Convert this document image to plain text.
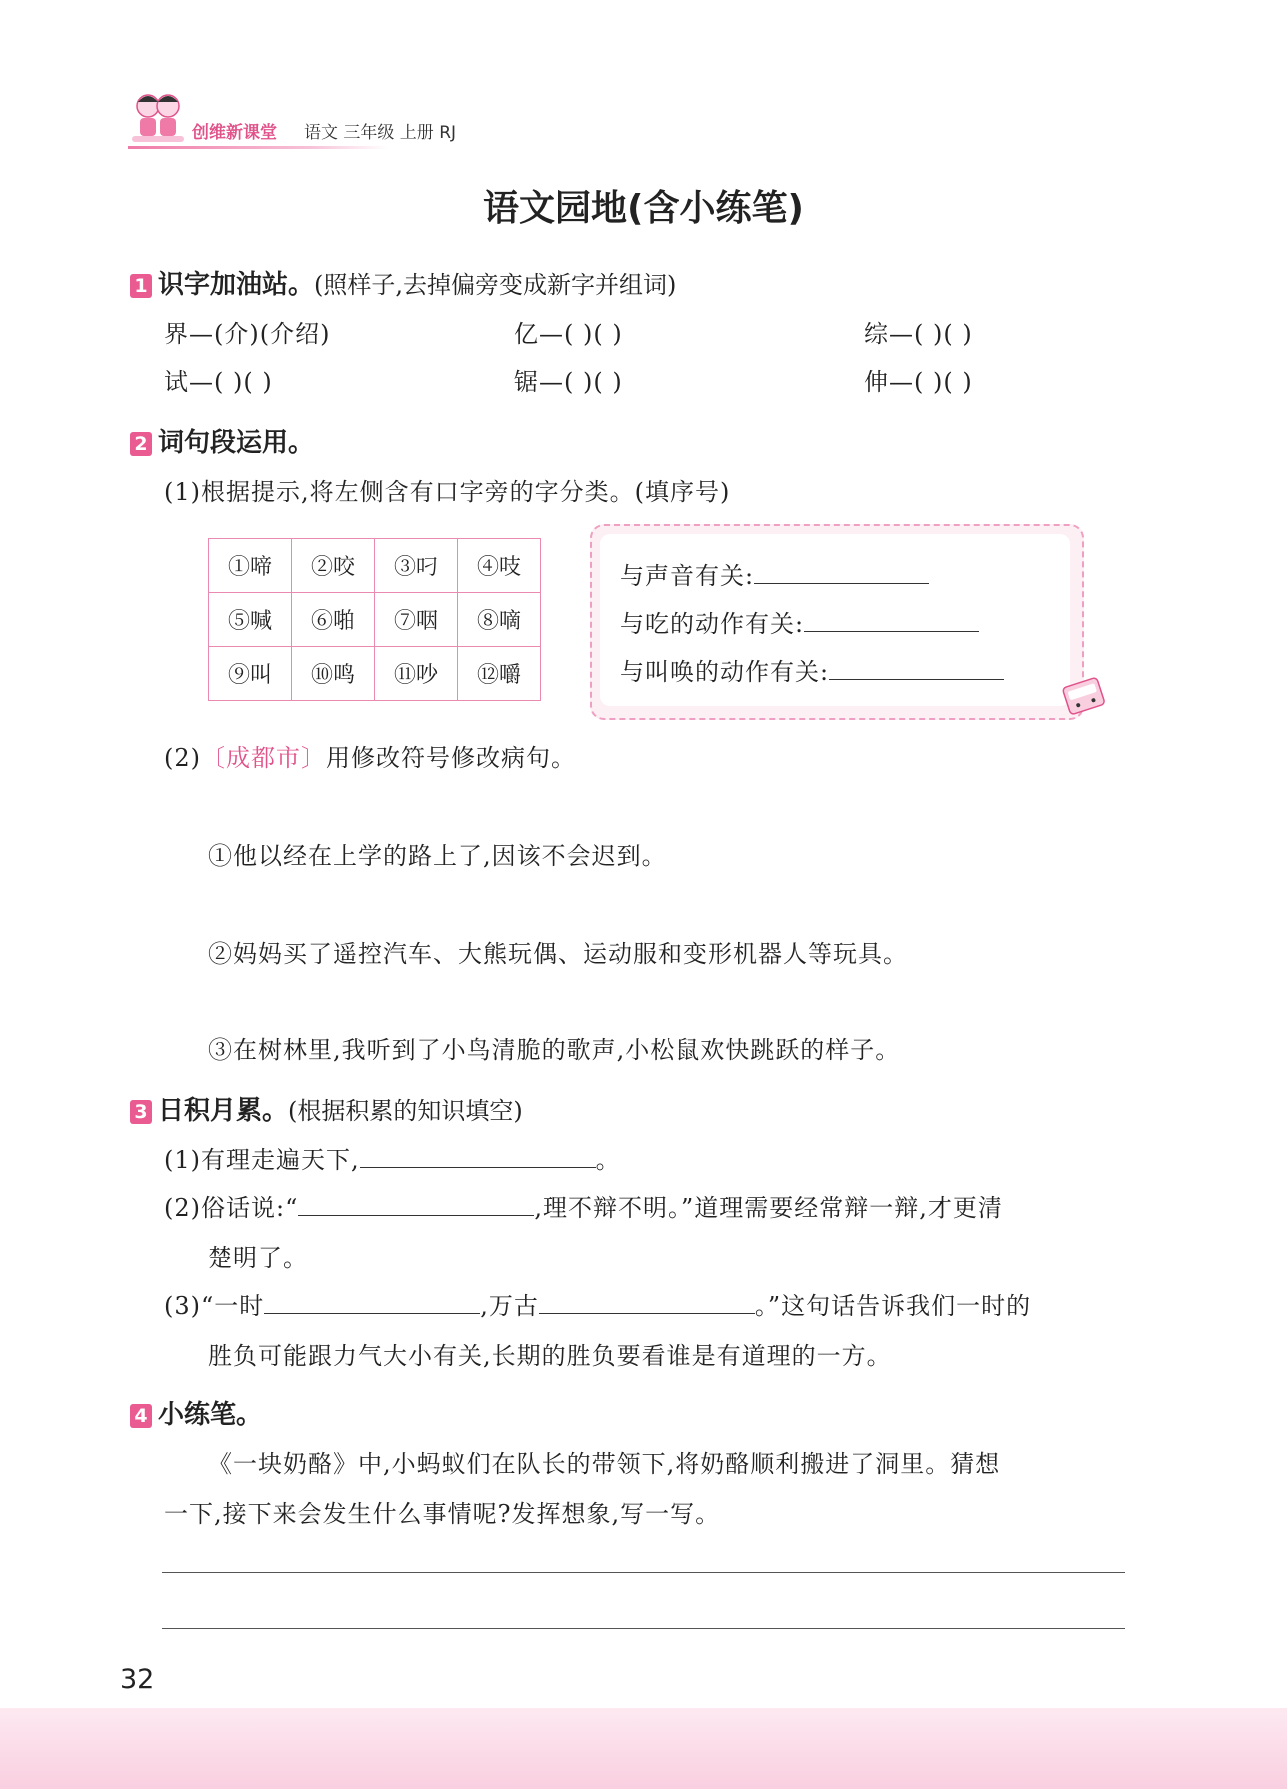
创维新课堂 语文 三年级 上册 RJ
语文园地(含小练笔)
1 识字加油站。(照样子,去掉偏旁变成新字并组词)
界—(介)(介绍)	亿—( )( )	综—( )( )
试—( )( )	锯—( )( )	伸—( )( )
2 词句段运用。
(1)根据提示,将左侧含有口字旁的字分类。(填序号)
①啼	②咬	③叼	④吱
⑤喊	⑥啪	⑦咽	⑧嘀
⑨叫	⑩鸣	⑪吵	⑫嚼
与声音有关:
与吃的动作有关:
与叫唤的动作有关:
(2)〔成都市〕用修改符号修改病句。
①他以经在上学的路上了,因该不会迟到。
②妈妈买了遥控汽车、大熊玩偶、运动服和变形机器人等玩具。
③在树林里,我听到了小鸟清脆的歌声,小松鼠欢快跳跃的样子。
3 日积月累。(根据积累的知识填空)
(1)有理走遍天下,	。
(2)俗话说:“	,理不辩不明。”道理需要经常辩一辩,才更清
楚明了。
(3)“一时	,万古	。”这句话告诉我们一时的
胜负可能跟力气大小有关,长期的胜负要看谁是有道理的一方。
4 小练笔。
《一块奶酪》中,小蚂蚁们在队长的带领下,将奶酪顺利搬进了洞里。猜想
一下,接下来会发生什么事情呢?发挥想象,写一写。
32
